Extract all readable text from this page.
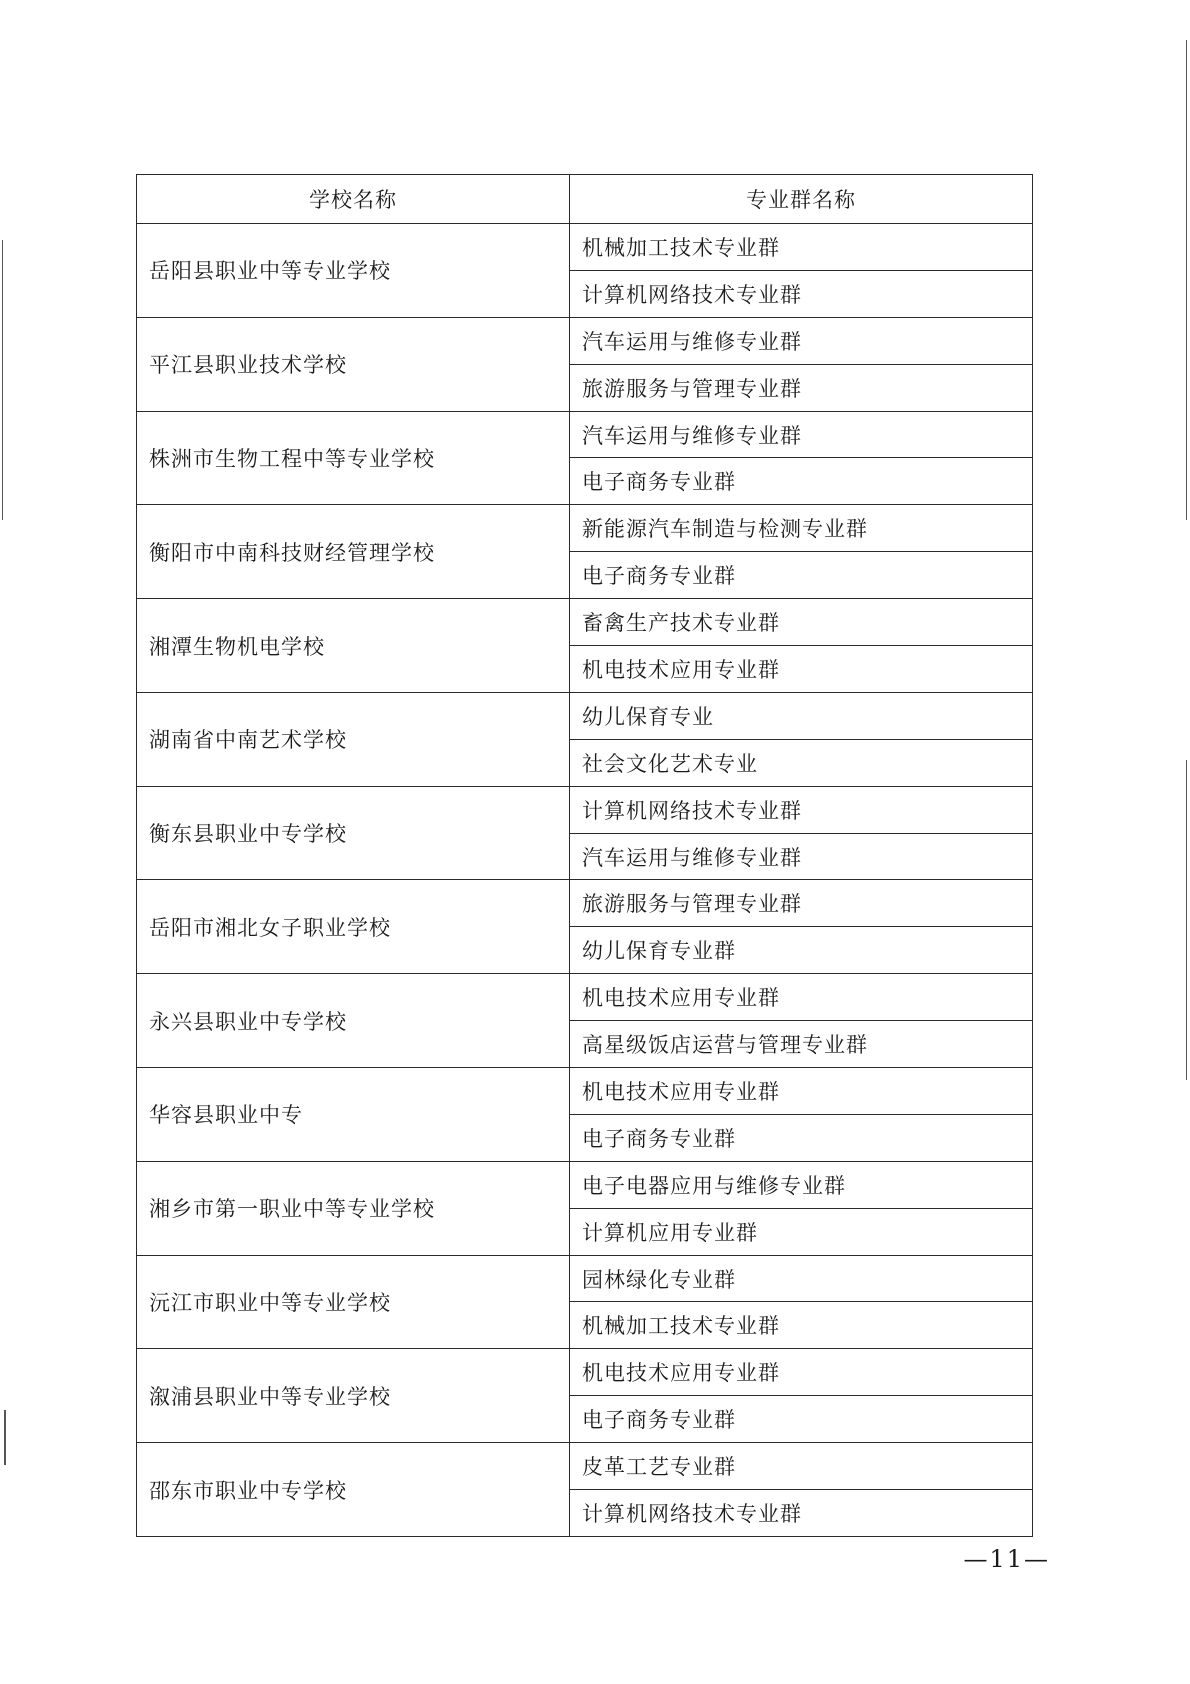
学校名称	专业群名称
岳阳县职业中等专业学校	机械加工技术专业群
	计算机网络技术专业群
平江县职业技术学校	汽车运用与维修专业群
	旅游服务与管理专业群
株洲市生物工程中等专业学校	汽车运用与维修专业群
	电子商务专业群
衡阳市中南科技财经管理学校	新能源汽车制造与检测专业群
	电子商务专业群
湘潭生物机电学校	畜禽生产技术专业群
	机电技术应用专业群
湖南省中南艺术学校	幼儿保育专业
	社会文化艺术专业
衡东县职业中专学校	计算机网络技术专业群
	汽车运用与维修专业群
岳阳市湘北女子职业学校	旅游服务与管理专业群
	幼儿保育专业群
永兴县职业中专学校	机电技术应用专业群
	高星级饭店运营与管理专业群
华容县职业中专	机电技术应用专业群
	电子商务专业群
湘乡市第一职业中等专业学校	电子电器应用与维修专业群
	计算机应用专业群
沅江市职业中等专业学校	园林绿化专业群
	机械加工技术专业群
溆浦县职业中等专业学校	机电技术应用专业群
	电子商务专业群
邵东市职业中专学校	皮革工艺专业群
	计算机网络技术专业群
—11—
